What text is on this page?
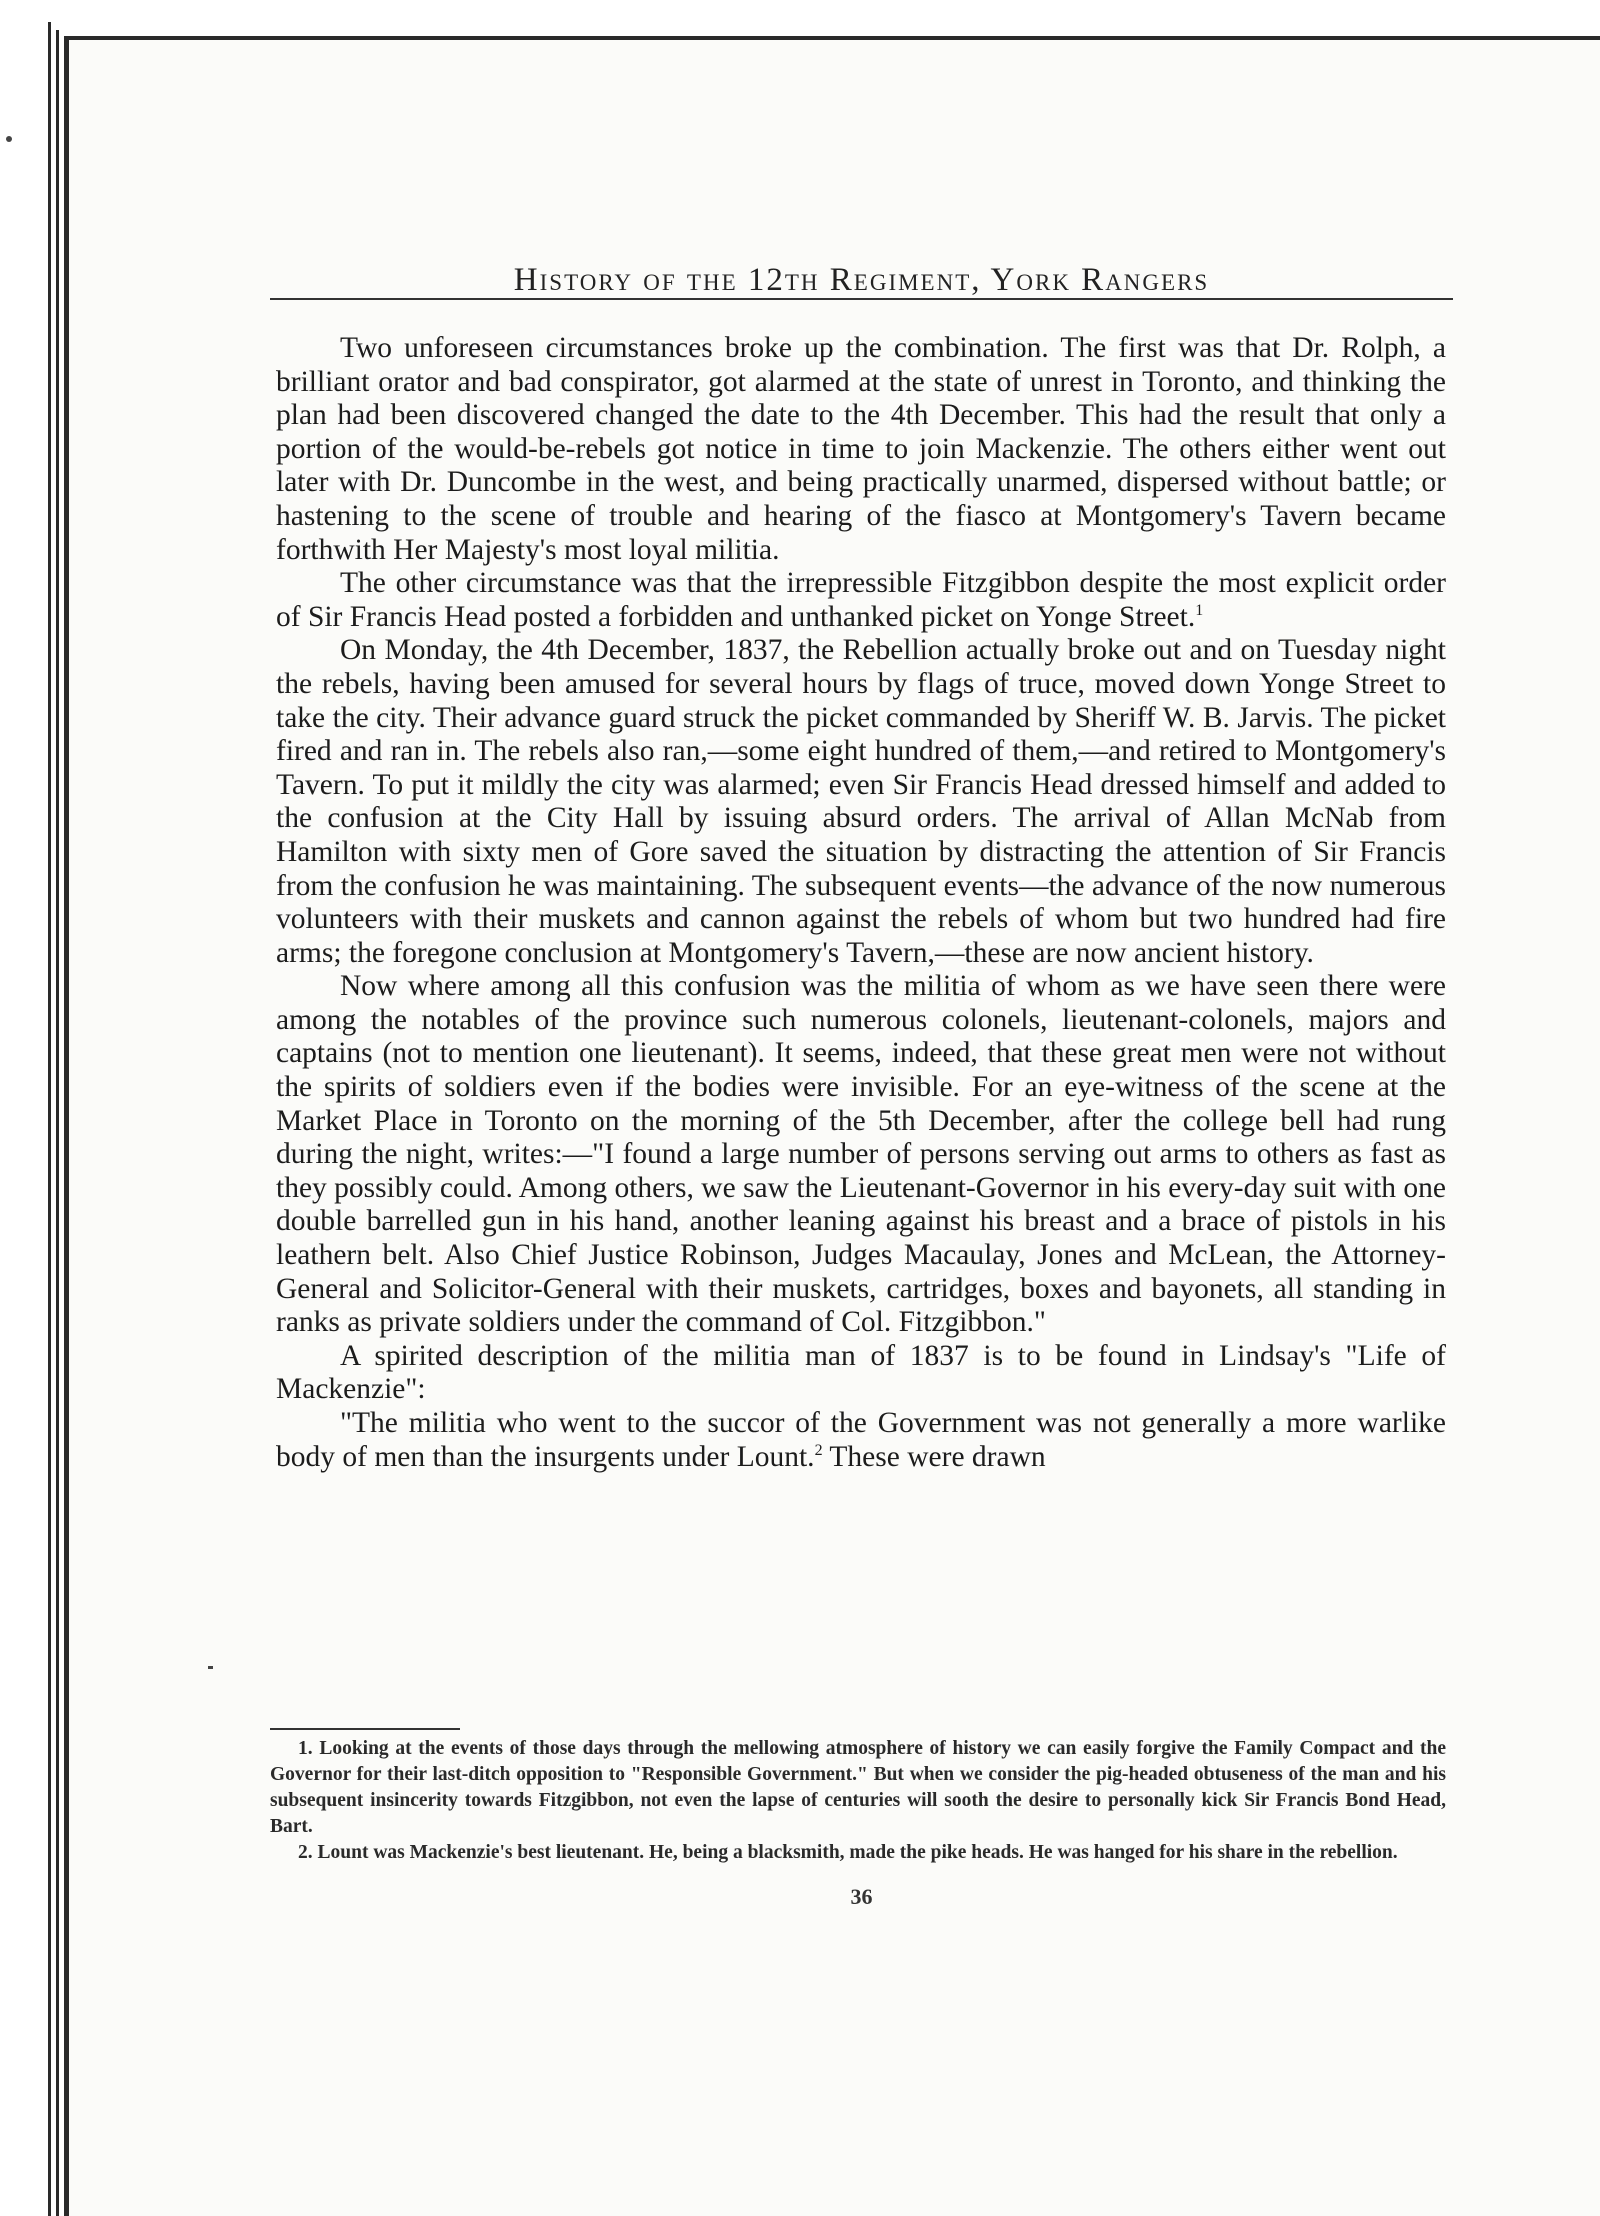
History of the 12th Regiment, York Rangers

Two unforeseen circumstances broke up the combination. The first was that Dr. Rolph, a brilliant orator and bad conspirator, got alarmed at the state of unrest in Toronto, and thinking the plan had been discovered changed the date to the 4th December. This had the result that only a portion of the would-be-rebels got notice in time to join Mackenzie. The others either went out later with Dr. Duncombe in the west, and being practically unarmed, dispersed without battle; or hastening to the scene of trouble and hearing of the fiasco at Montgomery's Tavern became forthwith Her Majesty's most loyal militia.

The other circumstance was that the irrepressible Fitzgibbon despite the most explicit order of Sir Francis Head posted a forbidden and unthanked picket on Yonge Street.$^1$

On Monday, the 4th December, 1837, the Rebellion actually broke out and on Tuesday night the rebels, having been amused for several hours by flags of truce, moved down Yonge Street to take the city. Their advance guard struck the picket commanded by Sheriff W. B. Jarvis. The picket fired and ran in. The rebels also ran,—some eight hundred of them,—and retired to Montgomery's Tavern. To put it mildly the city was alarmed; even Sir Francis Head dressed himself and added to the confusion at the City Hall by issuing absurd orders. The arrival of Allan McNab from Hamilton with sixty men of Gore saved the situation by distracting the attention of Sir Francis from the confusion he was maintaining. The subsequent events—the advance of the now numerous volunteers with their muskets and cannon against the rebels of whom but two hundred had fire arms; the foregone conclusion at Montgomery's Tavern,—these are now ancient history.

Now where among all this confusion was the militia of whom as we have seen there were among the notables of the province such numerous colonels, lieutenant-colonels, majors and captains (not to mention one lieutenant). It seems, indeed, that these great men were not without the spirits of soldiers even if the bodies were invisible. For an eye-witness of the scene at the Market Place in Toronto on the morning of the 5th December, after the college bell had rung during the night, writes:—"I found a large number of persons serving out arms to others as fast as they possibly could. Among others, we saw the Lieutenant-Governor in his every-day suit with one double barrelled gun in his hand, another leaning against his breast and a brace of pistols in his leathern belt. Also Chief Justice Robinson, Judges Macaulay, Jones and McLean, the Attorney-General and Solicitor-General with their muskets, cartridges, boxes and bayonets, all standing in ranks as private soldiers under the command of Col. Fitzgibbon."

A spirited description of the militia man of 1837 is to be found in Lindsay's "Life of Mackenzie":

"The militia who went to the succor of the Government was not generally a more warlike body of men than the insurgents under Lount.$^2$ These were drawn

1. Looking at the events of those days through the mellowing atmosphere of history we can easily forgive the Family Compact and the Governor for their last-ditch opposition to "Responsible Government." But when we consider the pig-headed obtuseness of the man and his subsequent insincerity towards Fitzgibbon, not even the lapse of centuries will sooth the desire to personally kick Sir Francis Bond Head, Bart.

2. Lount was Mackenzie's best lieutenant. He, being a blacksmith, made the pike heads. He was hanged for his share in the rebellion.

36
